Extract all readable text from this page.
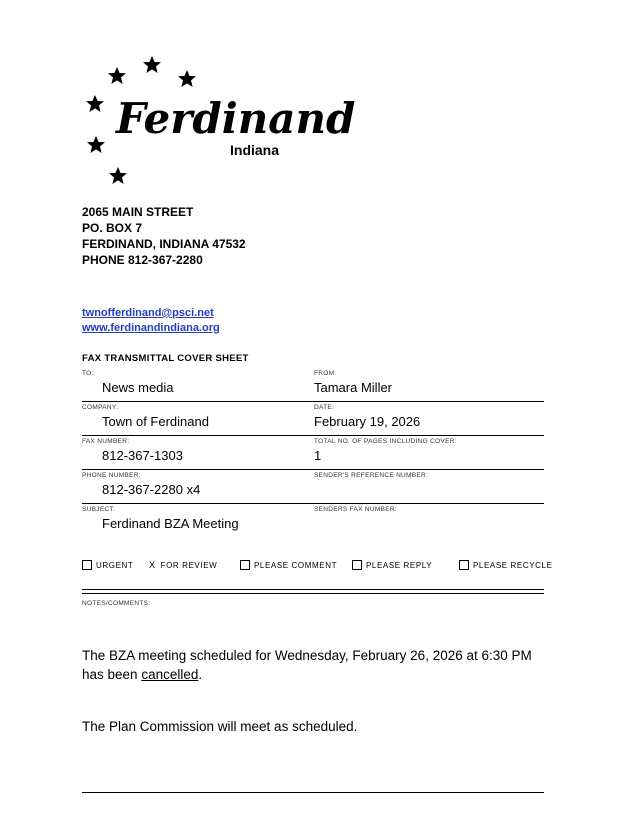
Ferdinand
Indiana
2065 MAIN STREET
PO. BOX 7
FERDINAND, INDIANA 47532
PHONE 812-367-2280
twnofferdinand@psci.net
www.ferdinandindiana.org
FAX TRANSMITTAL COVER SHEET
TO:
News media
FROM:
Tamara Miller
COMPANY:
Town of Ferdinand
DATE:
February 19, 2026
FAX NUMBER:
812-367-1303
TOTAL NO. OF PAGES INCLUDING COVER:
1
PHONE NUMBER:
812-367-2280 x4
SENDER'S REFERENCE NUMBER:
SUBJECT:
Ferdinand BZA Meeting
SENDERS FAX NUMBER:
URGENT X FOR REVIEW	PLEASE COMMENT	PLEASE REPLY	PLEASE RECYCLE
NOTES/COMMENTS:
The BZA meeting scheduled for Wednesday, February 26, 2026 at 6:30 PM
has been cancelled.
The Plan Commission will meet as scheduled.
